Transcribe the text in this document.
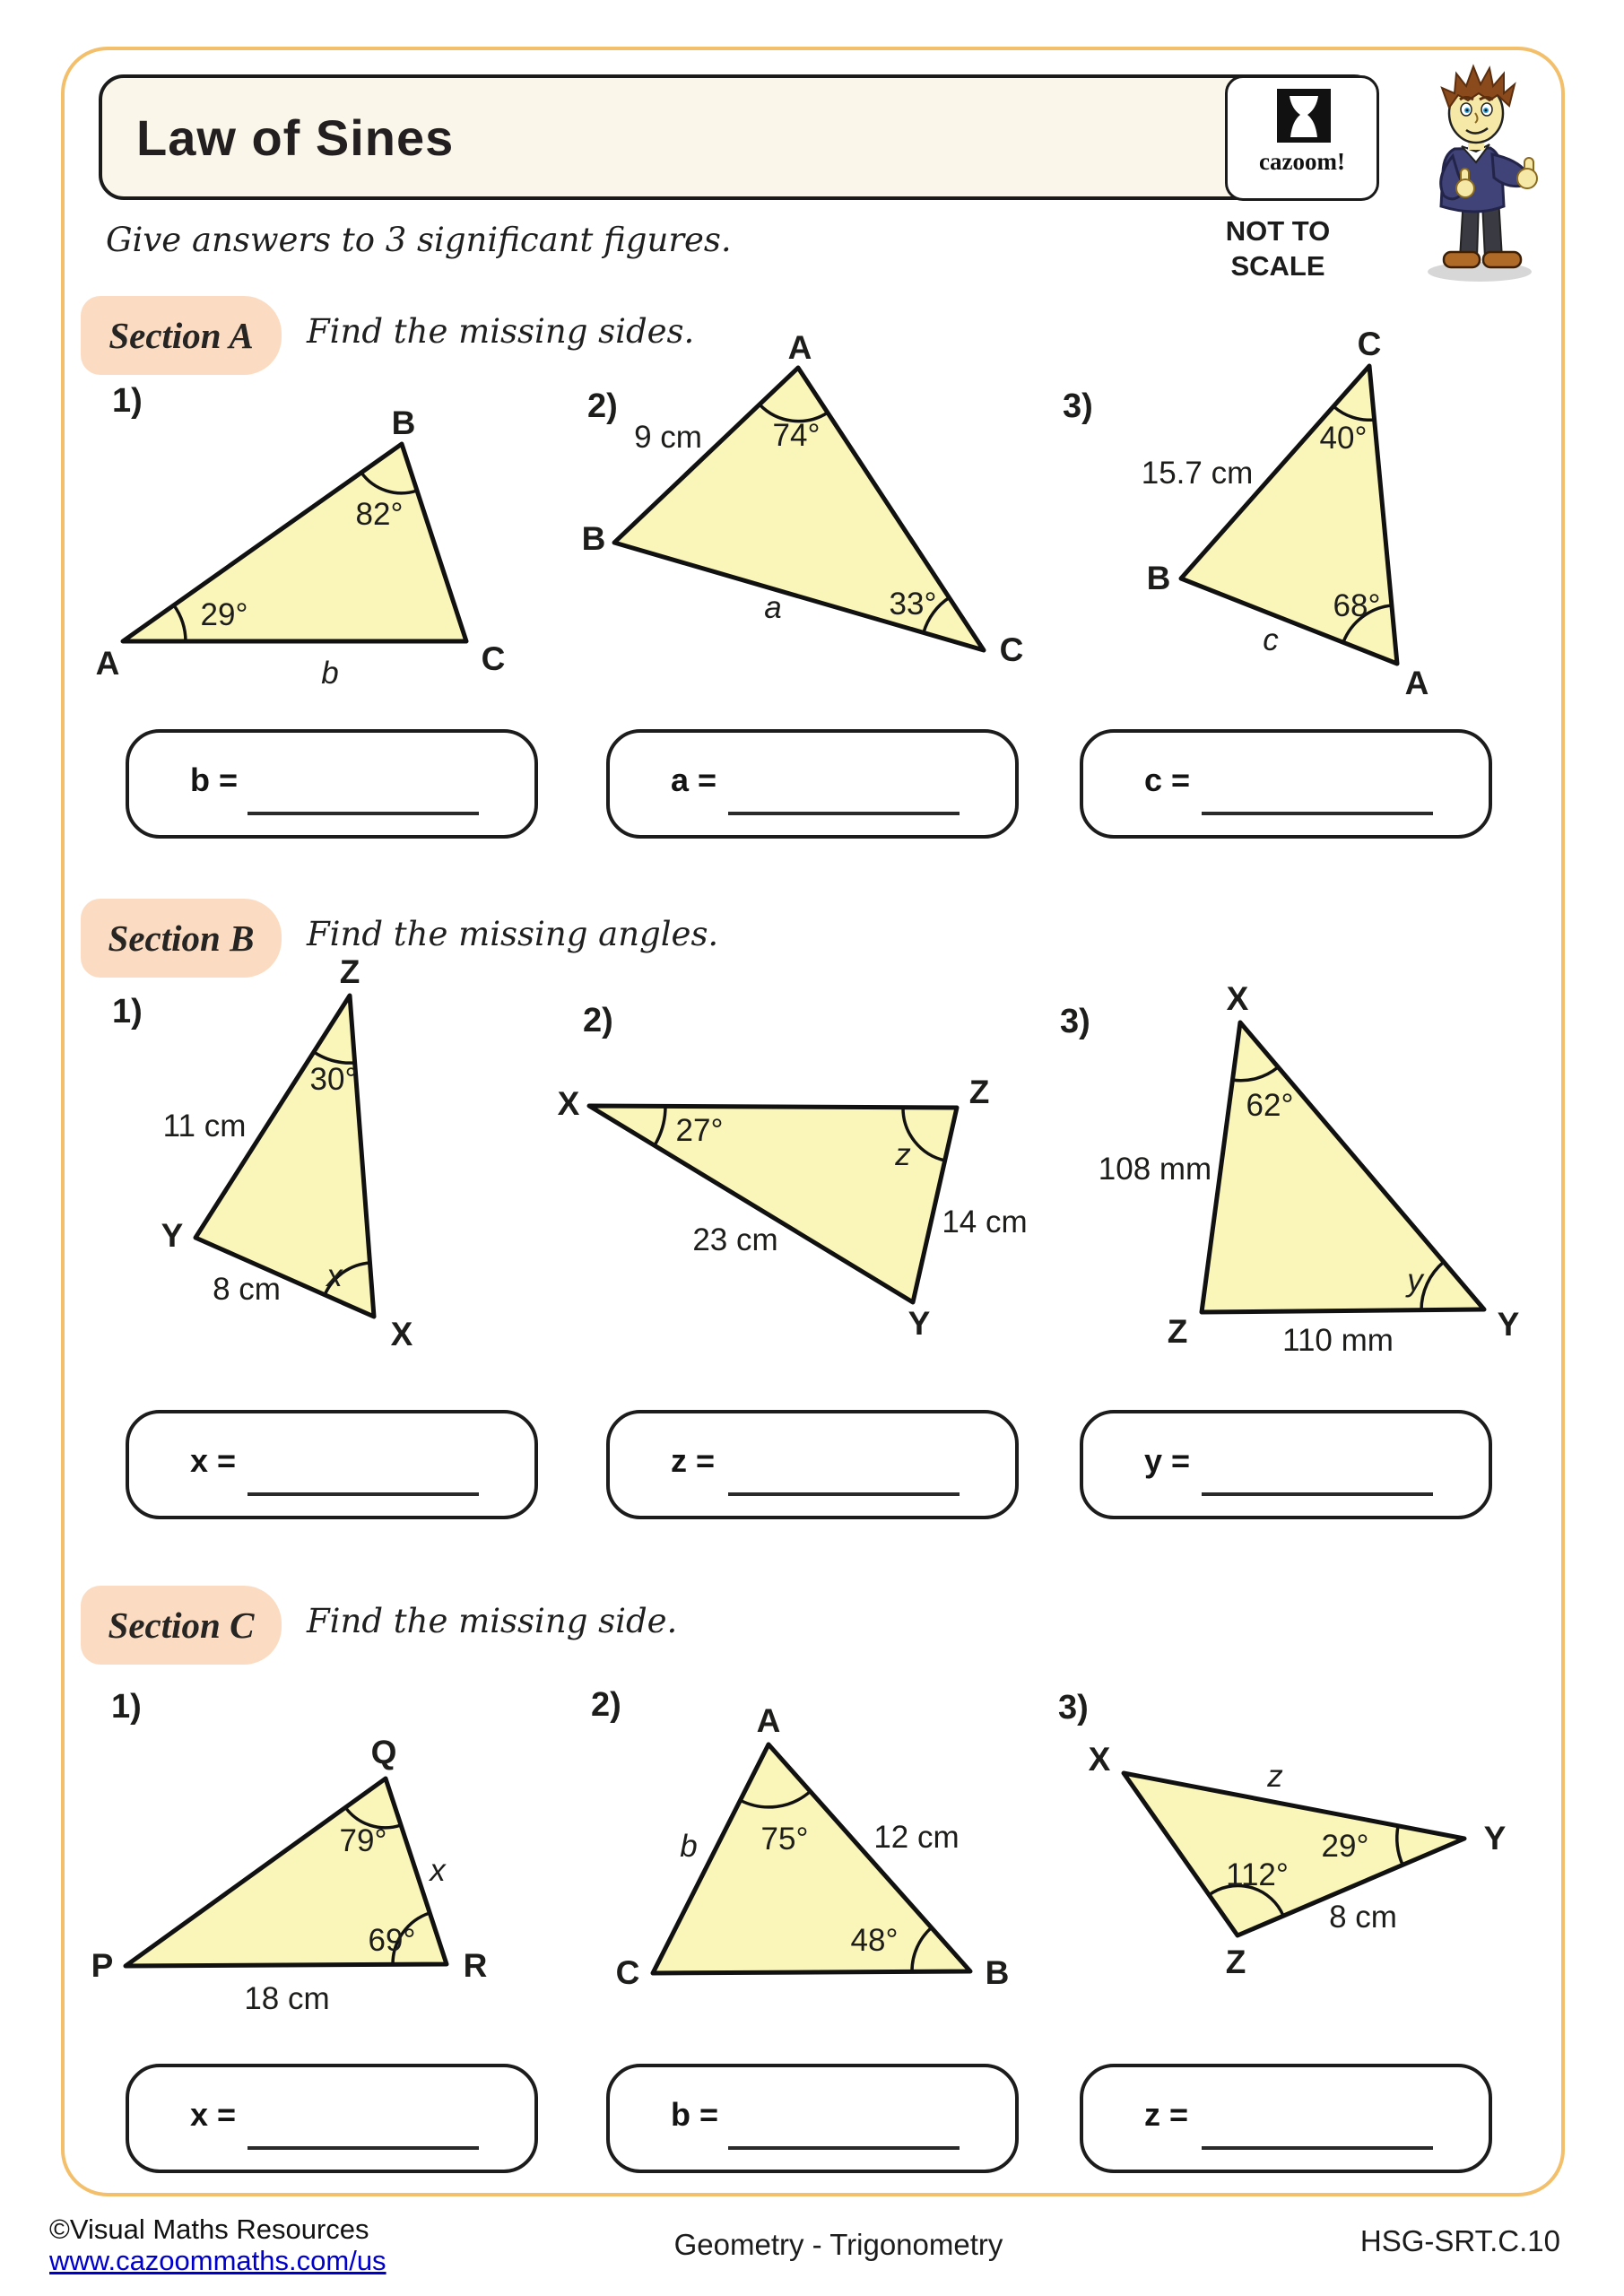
Law of Sines	cazoom!
NOT TO
SCALE
Give answers to 3 significant figures.
Section A	Find the missing sides.
1)
A
B
C
82°
29°
b
2)
A
B
C
74°
33°
9 cm
a
3)
C
B
A
40°
68°
15.7 cm
c
b =	a =	c =
Section B	Find the missing angles.
1)
Z
Y
X
30°
x
11 cm
8 cm
2)
X	Z
Y
27°
z
23 cm
14 cm
3)
X
Z	Y
62°
y
108 mm
110 mm
x =	z =	y =
Section C	Find the missing side.
1)
Q
P	R
79°
69°
x
18 cm
2)	A
C	B
75°
48°
b	12 cm
3)
X
Y
Z
29°
112°
z
8 cm
x =	b =	z =
©Visual Maths Resources
www.cazoommaths.com/us	Geometry - Trigonometry	HSG-SRT.C.10
